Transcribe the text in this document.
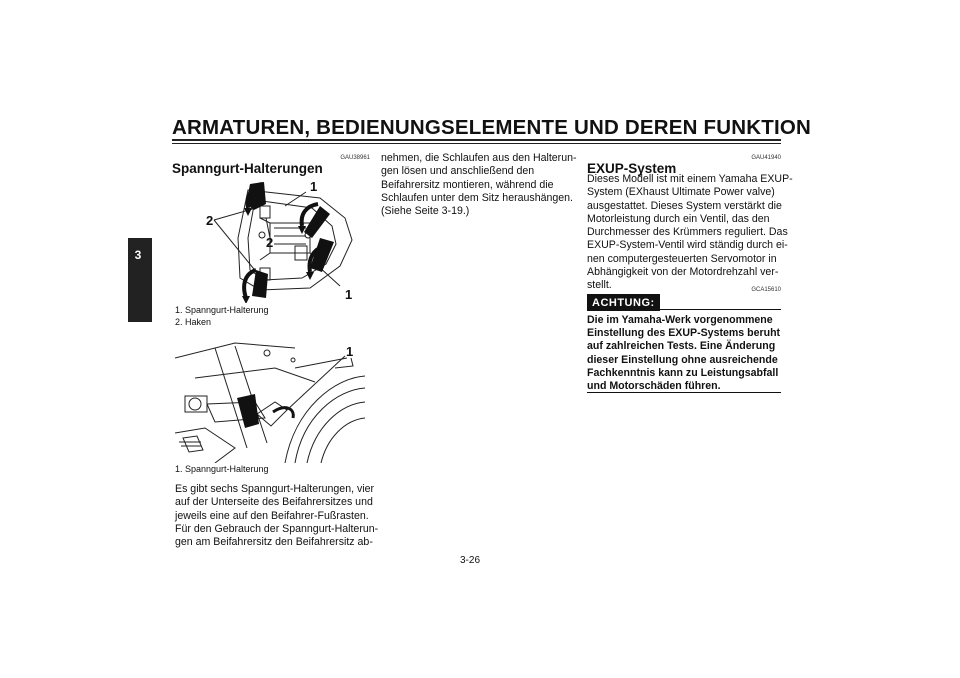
ARMATUREN, BEDIENUNGSELEMENTE UND DEREN FUNKTION
3
GAU38961
Spanngurt-Halterungen
1
2
2
1
1. Spanngurt-Halterung
2. Haken
1
1. Spanngurt-Halterung
Es gibt sechs Spanngurt-Halterungen, vier
auf der Unterseite des Beifahrersitzes und
jeweils eine auf den Beifahrer-Fußrasten.
Für den Gebrauch der Spanngurt-Halterun-
gen am Beifahrersitz den Beifahrersitz ab-
nehmen, die Schlaufen aus den Halterun-
gen lösen und anschließend den
Beifahrersitz montieren, während die
Schlaufen unter dem Sitz heraushängen.
(Siehe Seite 3-19.)
GAU41940
EXUP-System
Dieses Modell ist mit einem Yamaha EXUP-
System (EXhaust Ultimate Power valve)
ausgestattet. Dieses System verstärkt die
Motorleistung durch ein Ventil, das den
Durchmesser des Krümmers reguliert. Das
EXUP-System-Ventil wird ständig durch ei-
nen computergesteuerten Servomotor in
Abhängigkeit von der Motordrehzahl ver-
stellt.	GCA15610
ACHTUNG:
Die im Yamaha-Werk vorgenommene
Einstellung des EXUP-Systems beruht
auf zahlreichen Tests. Eine Änderung
dieser Einstellung ohne ausreichende
Fachkenntnis kann zu Leistungsabfall
und Motorschäden führen.
3-26
